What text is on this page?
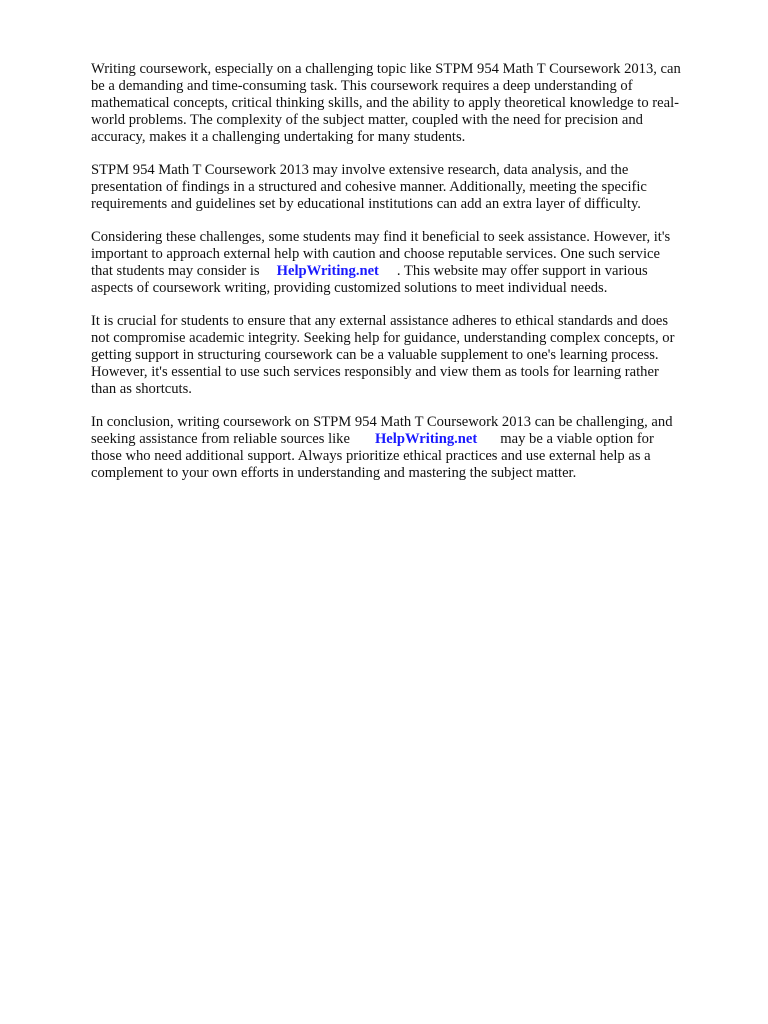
Writing coursework, especially on a challenging topic like STPM 954 Math T Coursework 2013, can
be a demanding and time-consuming task. This coursework requires a deep understanding of
mathematical concepts, critical thinking skills, and the ability to apply theoretical knowledge to real-
world problems. The complexity of the subject matter, coupled with the need for precision and
accuracy, makes it a challenging undertaking for many students.

STPM 954 Math T Coursework 2013 may involve extensive research, data analysis, and the
presentation of findings in a structured and cohesive manner. Additionally, meeting the specific
requirements and guidelines set by educational institutions can add an extra layer of difficulty.

Considering these challenges, some students may find it beneficial to seek assistance. However, it's
important to approach external help with caution and choose reputable services. One such service
that students may consider is HelpWriting.net . This website may offer support in various
aspects of coursework writing, providing customized solutions to meet individual needs.

It is crucial for students to ensure that any external assistance adheres to ethical standards and does
not compromise academic integrity. Seeking help for guidance, understanding complex concepts, or
getting support in structuring coursework can be a valuable supplement to one's learning process.
However, it's essential to use such services responsibly and view them as tools for learning rather
than as shortcuts.

In conclusion, writing coursework on STPM 954 Math T Coursework 2013 can be challenging, and
seeking assistance from reliable sources like HelpWriting.net may be a viable option for
those who need additional support. Always prioritize ethical practices and use external help as a
complement to your own efforts in understanding and mastering the subject matter.
